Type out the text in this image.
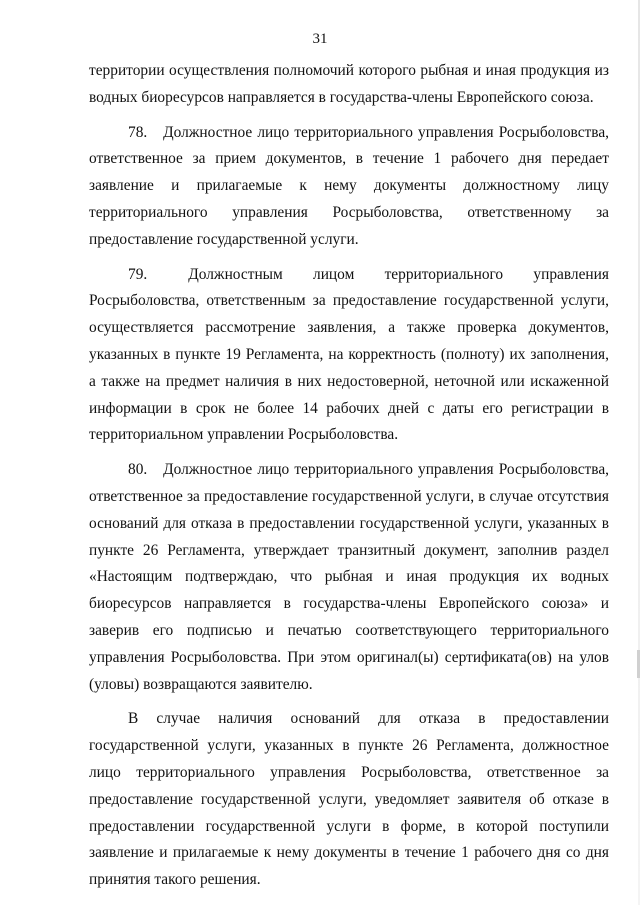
31

территории осуществления полномочий которого рыбная и иная продукция из водных биоресурсов направляется в государства-члены Европейского союза.

78. Должностное лицо территориального управления Росрыболовства, ответственное за прием документов, в течение 1 рабочего дня передает заявление и прилагаемые к нему документы должностному лицу территориального управления Росрыболовства, ответственному за предоставление государственной услуги.

79.	Должностным лицом территориального управления Росрыболовства, ответственным за предоставление государственной услуги, осуществляется рассмотрение заявления, а также проверка документов, указанных в пункте 19 Регламента, на корректность (полноту) их заполнения, а также на предмет наличия в них недостоверной, неточной или искаженной информации в срок не более 14 рабочих дней с даты его регистрации в территориальном управлении Росрыболовства.

80. Должностное лицо территориального управления Росрыболовства, ответственное за предоставление государственной услуги, в случае отсутствия оснований для отказа в предоставлении государственной услуги, указанных в пункте 26 Регламента, утверждает транзитный документ, заполнив раздел «Настоящим подтверждаю, что рыбная и иная продукция их водных биоресурсов направляется в государства-члены Европейского союза» и заверив его подписью и печатью соответствующего территориального управления Росрыболовства. При этом оригинал(ы) сертификата(ов) на улов (уловы) возвращаются заявителю.

В случае наличия оснований для отказа в предоставлении государственной услуги, указанных в пункте 26 Регламента, должностное лицо территориального управления Росрыболовства, ответственное за предоставление государственной услуги, уведомляет заявителя об отказе в предоставлении государственной услуги в форме, в которой поступили заявление и прилагаемые к нему документы в течение 1 рабочего дня со дня принятия такого решения.
